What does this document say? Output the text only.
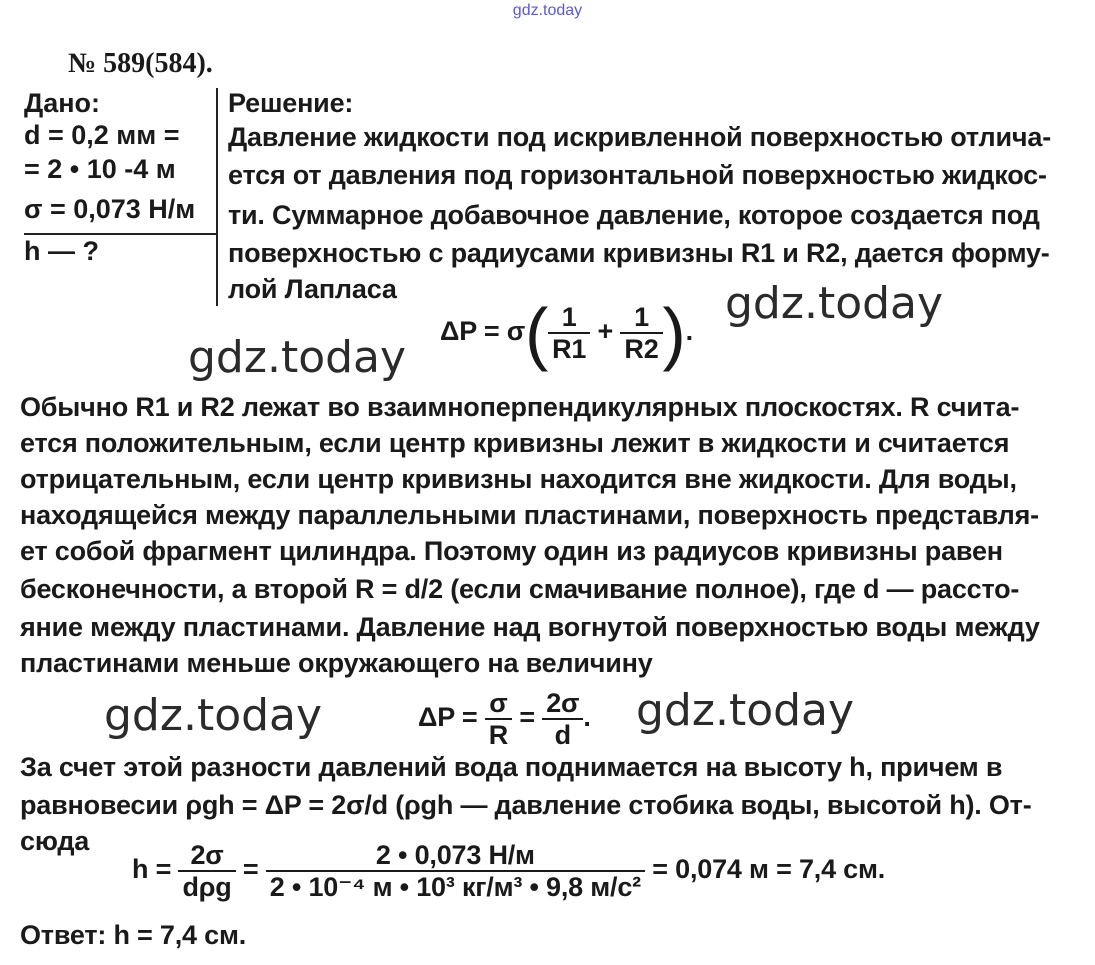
gdz.today
№ 589(584).
Дано:
d = 0,2 мм =
= 2 • 10 -4 м
σ = 0,073 Н/м
h — ?
Решение:
Давление жидкости под искривленной поверхностью отлича-
ется от давления под горизонтальной поверхностью жидкос-
ти. Суммарное добавочное давление, которое создается под
поверхностью с радиусами кривизны R1 и R2, дается форму-
лой Лапласа	gdz.today
gdz.today
$\Delta P = \sigma( \frac{1}{R1} + \frac{1}{R2}$ ).
Обычно R1 и R2 лежат во взаимноперпендикулярных плоскостях. R счита-
ется положительным, если центр кривизны лежит в жидкости и считается
отрицательным, если центр кривизны находится вне жидкости. Для воды,
находящейся между параллельными пластинами, поверхность представля-
ет собой фрагмент цилиндра. Поэтому один из радиусов кривизны равен
бесконечности, а второй R = d/2 (если смачивание полное), где d — рассто-
яние между пластинами. Давление над вогнутой поверхностью воды между
пластинами меньше окружающего на величину
gdz.today	gdz.today
$\Delta P = \frac{\sigma}{R} = \frac{2\sigma}{d}$ .
За счет этой разности давлений вода поднимается на высоту h, причем в
равновесии ρgh = ΔP = 2σ/d (ρgh — давление стобика воды, высотой h). От-
сюда
$h = \frac{2\sigma}{\text{dρg}} = \frac{2 • 0,073 Н/м}{\text{2 • 10⁻⁴ м • 10³ кг/м³ • 9,8 м/с²}} = 0,074$ м = 7,4 см.
Ответ: h = 7,4 см.
